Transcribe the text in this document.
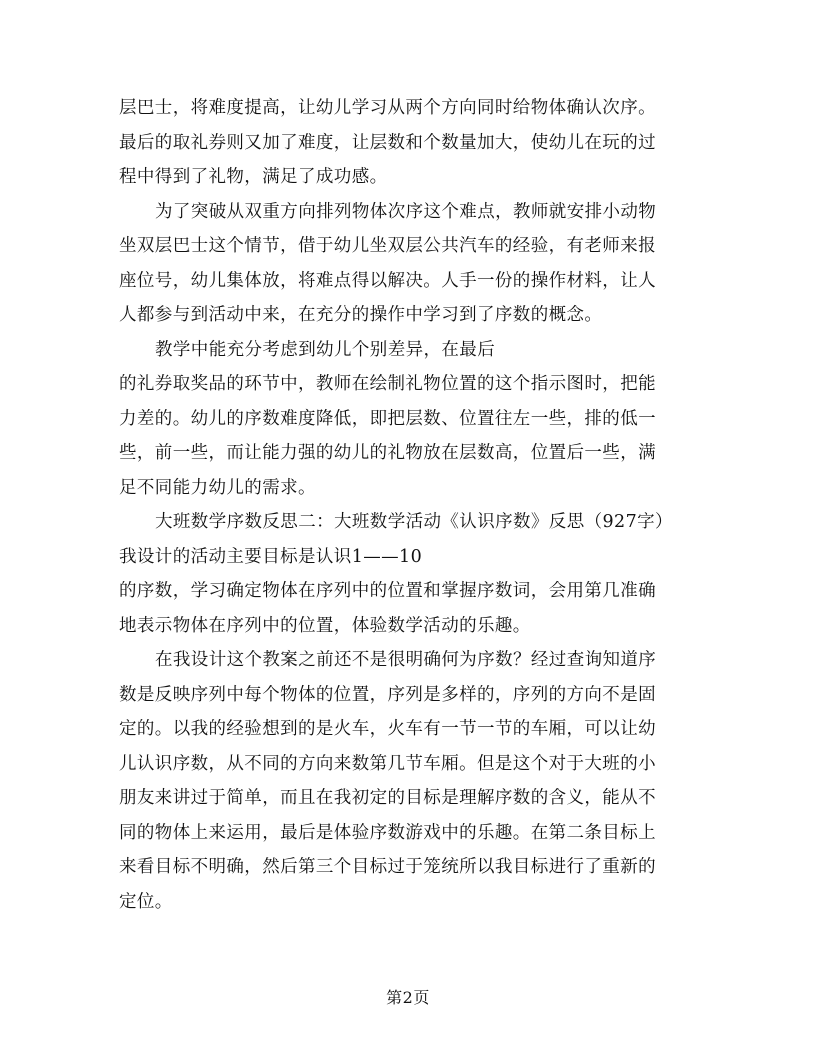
层巴士，将难度提高，让幼儿学习从两个方向同时给物体确认次序。
最后的取礼券则又加了难度，让层数和个数量加大，使幼儿在玩的过
程中得到了礼物，满足了成功感。
为了突破从双重方向排列物体次序这个难点，教师就安排小动物
坐双层巴士这个情节，借于幼儿坐双层公共汽车的经验，有老师来报
座位号，幼儿集体放，将难点得以解决。人手一份的操作材料，让人
人都参与到活动中来，在充分的操作中学习到了序数的概念。
教学中能充分考虑到幼儿个别差异，在最后
的礼券取奖品的环节中，教师在绘制礼物位置的这个指示图时，把能
力差的。幼儿的序数难度降低，即把层数、位置往左一些，排的低一
些，前一些，而让能力强的幼儿的礼物放在层数高，位置后一些，满
足不同能力幼儿的需求。
大班数学序数反思二：大班数学活动《认识序数》反思（927字）
我设计的活动主要目标是认识1——10
的序数，学习确定物体在序列中的位置和掌握序数词，会用第几准确
地表示物体在序列中的位置，体验数学活动的乐趣。
在我设计这个教案之前还不是很明确何为序数？经过查询知道序
数是反映序列中每个物体的位置，序列是多样的，序列的方向不是固
定的。以我的经验想到的是火车，火车有一节一节的车厢，可以让幼
儿认识序数，从不同的方向来数第几节车厢。但是这个对于大班的小
朋友来讲过于简单，而且在我初定的目标是理解序数的含义，能从不
同的物体上来运用，最后是体验序数游戏中的乐趣。在第二条目标上
来看目标不明确，然后第三个目标过于笼统所以我目标进行了重新的
定位。
第2页
